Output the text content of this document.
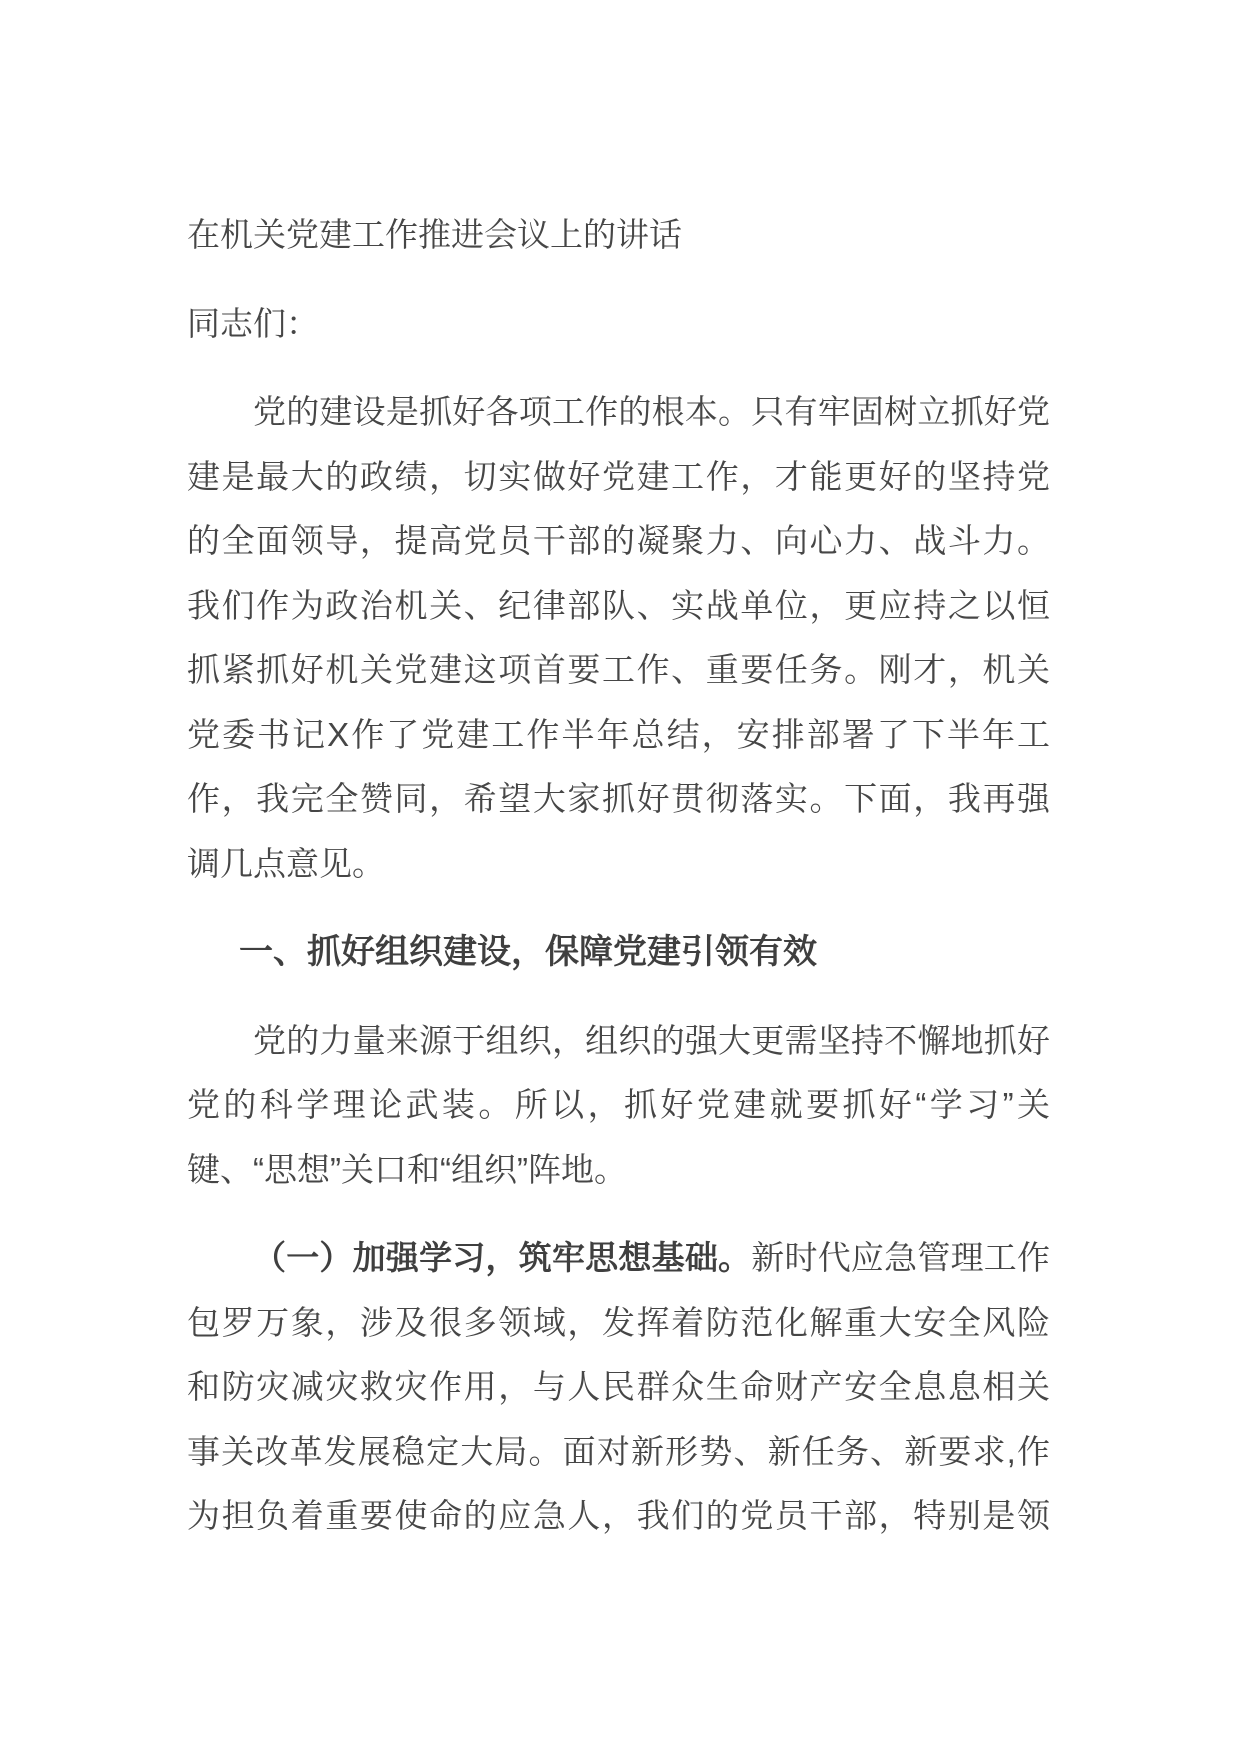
在机关党建工作推进会议上的讲话
同志们：
党的建设是抓好各项工作的根本。只有牢固树立抓好党
建是最大的政绩，切实做好党建工作，才能更好的坚持党
的全面领导，提高党员干部的凝聚力、向心力、战斗力。
我们作为政治机关、纪律部队、实战单位，更应持之以恒
抓紧抓好机关党建这项首要工作、重要任务。刚才，机关
党委书记X作了党建工作半年总结，安排部署了下半年工
作，我完全赞同，希望大家抓好贯彻落实。下面，我再强
调几点意见。
一、抓好组织建设，保障党建引领有效
党的力量来源于组织，组织的强大更需坚持不懈地抓好
党的科学理论武装。所以，抓好党建就要抓好“学习”关
键、“思想”关口和“组织”阵地。
（一）加强学习，筑牢思想基础。新时代应急管理工作
包罗万象，涉及很多领域，发挥着防范化解重大安全风险
和防灾减灾救灾作用，与人民群众生命财产安全息息相关
事关改革发展稳定大局。面对新形势、新任务、新要求,作
为担负着重要使命的应急人，我们的党员干部，特别是领
